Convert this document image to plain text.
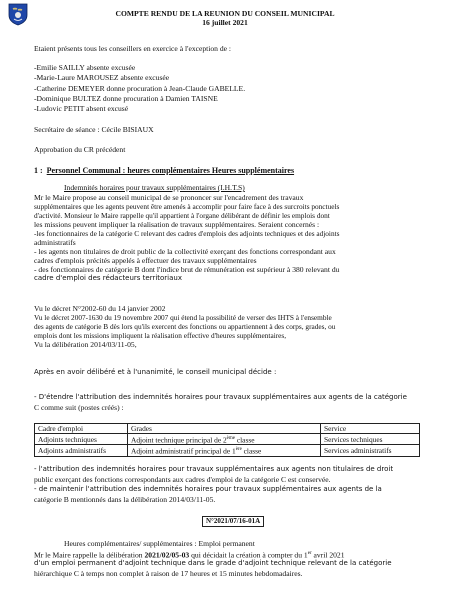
COMPTE RENDU DE LA REUNION DU CONSEIL MUNICIPAL
16 juillet 2021
Etaient présents tous les conseillers en exercice à l'exception de :
-Emilie SAILLY absente excusée
-Marie-Laure MAROUSEZ absente excusée
-Catherine DEMEYER donne procuration à Jean-Claude GABELLE.
-Dominique BULTEZ donne procuration à Damien TAISNE
-Ludovic PETIT absent excusé
Secrétaire de séance : Cécile BISIAUX
Approbation du CR précédent
1 : Personnel Communal : heures complémentaires Heures supplémentaires
Indemnités horaires pour travaux supplémentaires (I.H.T.S)
Mr le Maire propose au conseil municipal de se prononcer sur l'encadrement des travaux
supplémentaires que les agents peuvent être amenés à accomplir pour faire face à des surcroits ponctuels
d'activité. Monsieur le Maire rappelle qu'il appartient à l'organe délibérant de définir les emplois dont
les missions peuvent impliquer la réalisation de travaux supplémentaires. Seraient concernés :
-les fonctionnaires de la catégorie C relevant des cadres d'emplois des adjoints techniques et des adjoints
administratifs
- les agents non titulaires de droit public de la collectivité exerçant des fonctions correspondant aux
cadres d'emplois précités appelés à effectuer des travaux supplémentaires
- des fonctionnaires de catégorie B dont l'indice brut de rémunération est supérieur à 380 relevant du
cadre d'emploi des rédacteurs territoriaux
Vu le décret N°2002-60 du 14 janvier 2002
Vu le décret 2007-1630 du 19 novembre 2007 qui étend la possibilité de verser des IHTS à l'ensemble
des agents de catégorie B dès lors qu'ils exercent des fonctions ou appartiennent à des corps, grades, ou
emplois dont les missions impliquent la réalisation effective d'heures supplémentaires,
Vu la délibération 2014/03/11-05,
Après en avoir délibéré et à l'unanimité, le conseil municipal décide :
- D'étendre l'attribution des indemnités horaires pour travaux supplémentaires aux agents de la catégorie
C comme suit (postes créés) :
Cadre d'emploi	Grades	Service
Adjoints techniques	Adjoint technique principal de 2ème classe	Services techniques
Adjoints administratifs	Adjoint administratif principal de 1ère classe	Services administratifs
- l'attribution des indemnités horaires pour travaux supplémentaires aux agents non titulaires de droit
public exerçant des fonctions correspondants aux cadres d'emploi de la catégorie C est conservée.
- de maintenir l'attribution des indemnités horaires pour travaux supplémentaires aux agents de la
catégorie B mentionnés dans la délibération 2014/03/11-05.
N°2021/07/16-01A
Heures complémentaires/ supplémentaires : Emploi permanent
Mr le Maire rappelle la délibération 2021/02/05-03 qui décidait la création à compter du 1er avril 2021
d'un emploi permanent d'adjoint technique dans le grade d'adjoint technique relevant de la catégorie
hiérarchique C à temps non complet à raison de 17 heures et 15 minutes hebdomadaires.
